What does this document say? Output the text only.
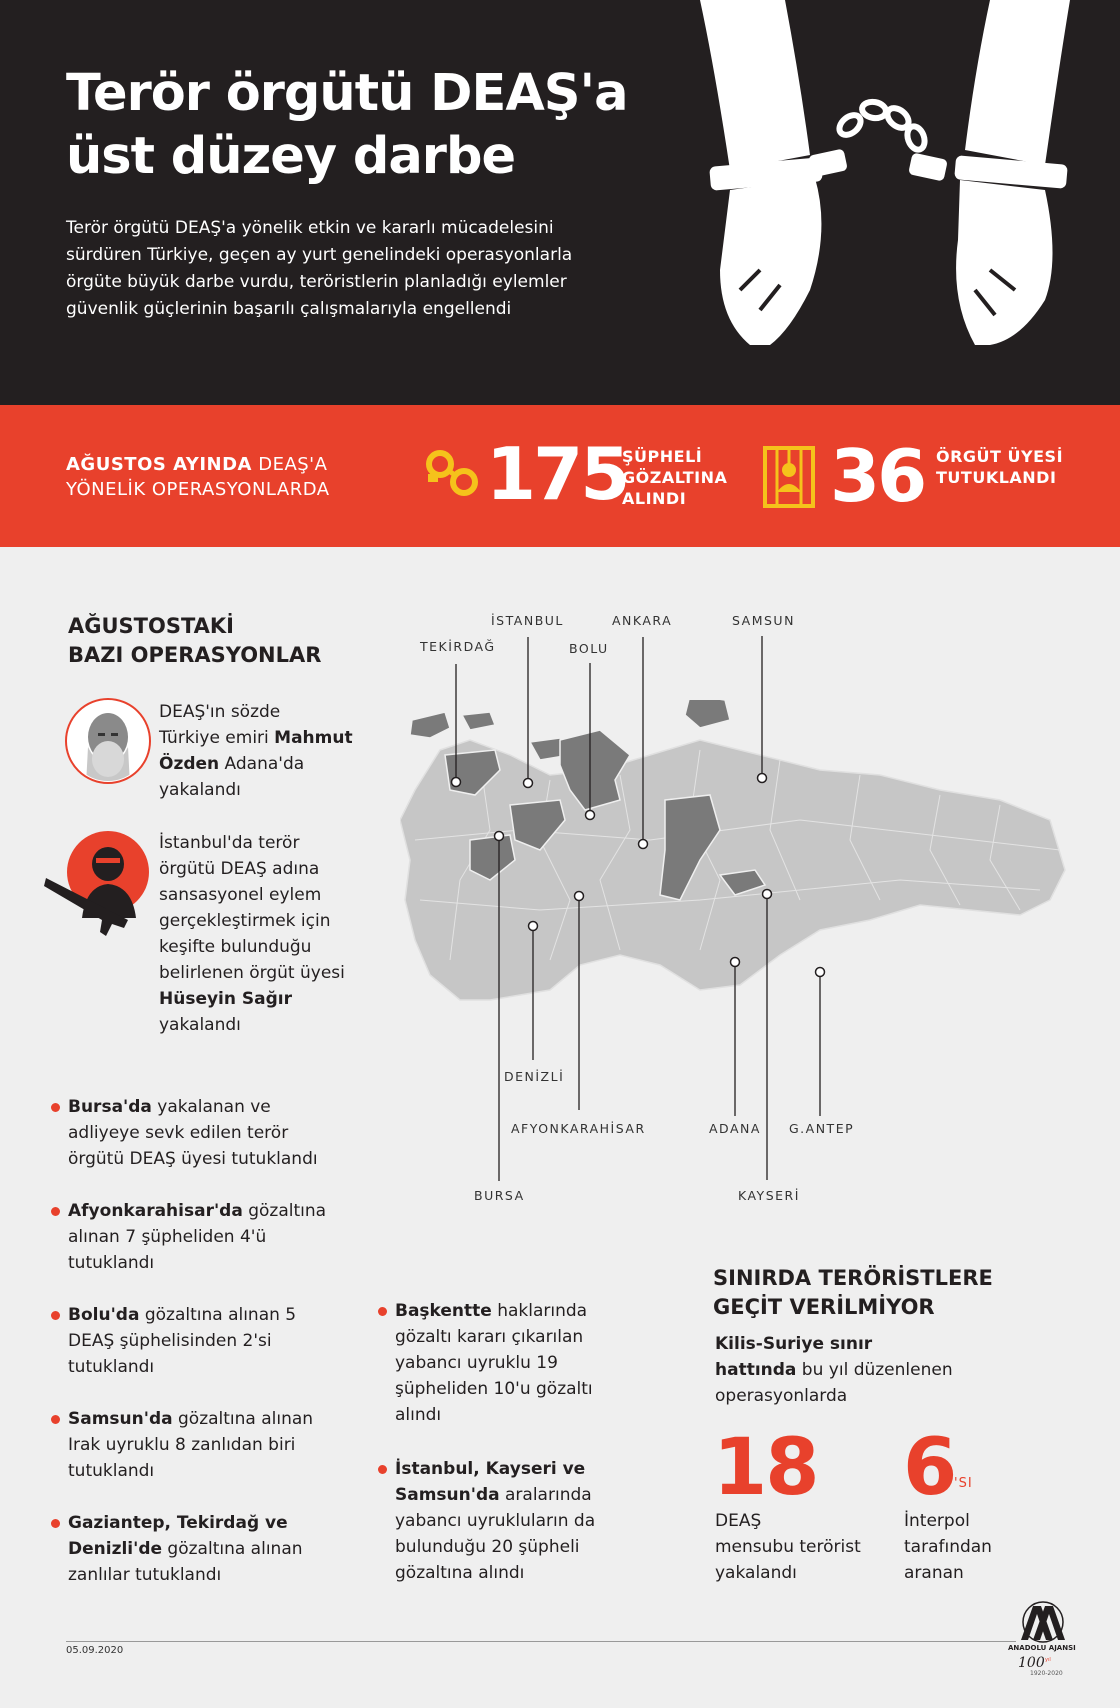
Terör örgütü DEAŞ'a
üst düzey darbe
Terör örgütü DEAŞ'a yönelik etkin ve kararlı mücadelesini sürdüren Türkiye, geçen ay yurt genelindeki operasyonlarla örgüte büyük darbe vurdu, teröristlerin planladığı eylemler güvenlik güçlerinin başarılı çalışmalarıyla engellendi
AĞUSTOS AYINDA DEAŞ'A
YÖNELİK OPERASYONLARDA 175
ŞÜPHELİ
GÖZALTINA
ALINDI	36 ÖRGÜT ÜYESİ
TUTUKLANDI
AĞUSTOSTAKİ
BAZI OPERASYONLAR
DEAŞ'ın sözde
Türkiye emiri Mahmut
Özden Adana'da
yakalandı
İstanbul'da terör
örgütü DEAŞ adına
sansasyonel eylem
gerçekleştirmek için
keşifte bulunduğu
belirlenen örgüt üyesi
Hüseyin Sağır
yakalandı
Bursa'da yakalanan ve adliyeye sevk edilen terör örgütü DEAŞ üyesi tutuklandı
Afyonkarahisar'da gözaltına alınan 7 şüpheliden 4'ü tutuklandı
Bolu'da gözaltına alınan 5 DEAŞ şüphelisinden 2'si tutuklandı
Samsun'da gözaltına alınan Irak uyruklu 8 zanlıdan biri tutuklandı
Gaziantep, Tekirdağ ve Denizli'de gözaltına alınan zanlılar tutuklandı
Başkentte haklarında gözaltı kararı çıkarılan yabancı uyruklu 19 şüpheliden 10'u gözaltı alındı
İstanbul, Kayseri ve Samsun'da aralarında yabancı uyrukluların da bulunduğu 20 şüpheli gözaltına alındı
TEKİRDAĞ
İSTANBUL
BOLU
ANKARA	SAMSUN
DENİZLİ
AFYONKARAHİSAR
BURSA
ADANA G.ANTEP
KAYSERİ
SINIRDA TERÖRİSTLERE
GEÇİT VERİLMİYOR
Kilis-Suriye sınır
hattında bu yıl düzenlenen
operasyonlarda
18
DEAŞ
mensubu terörist
yakalandı
6
'SI
İnterpol
tarafından
aranan
05.09.2020	ANADOLU AJANSI
100 yıl
1920-2020
